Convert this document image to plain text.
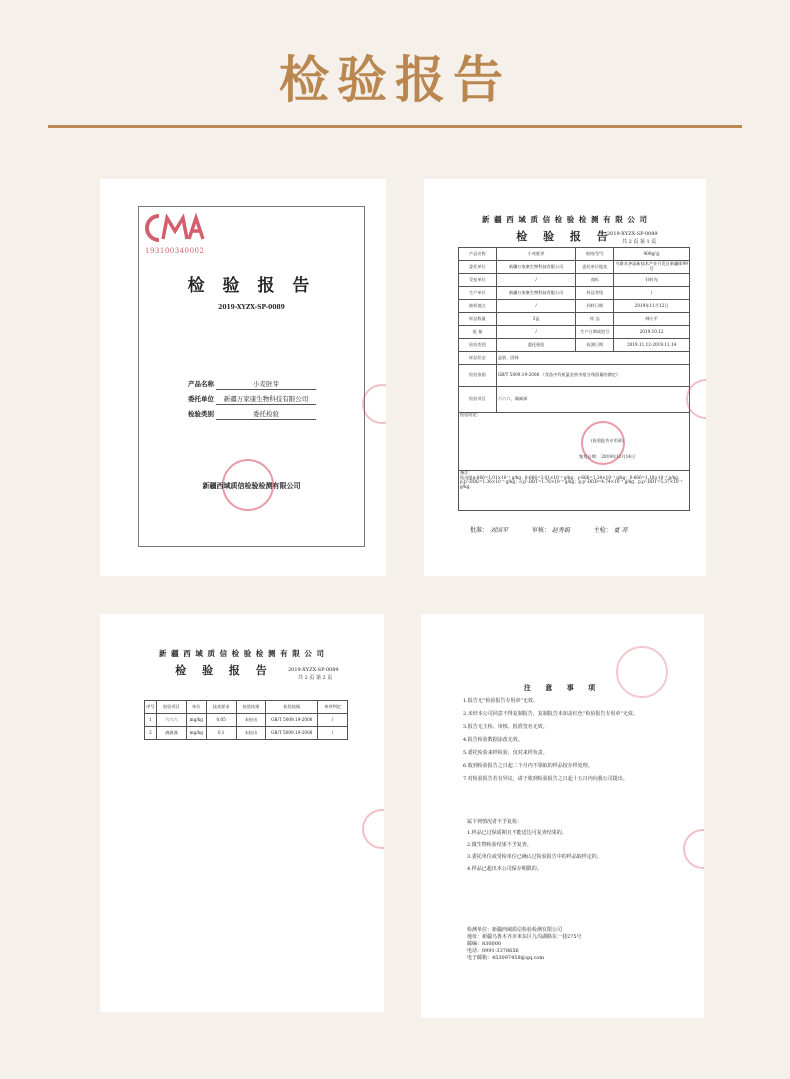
检验报告
193100340002
检 验 报 告
2019-XYZX-SP-0089
产品名称	小麦胚芽
委托单位	新疆万家康生物科技有限公司
检验类别	委托检验
新疆西域质信检验检测有限公司
新 疆 西 域 质 信 检 验 检 测 有 限 公 司
检 验 报 告
2019-XYZX-SP-0089
共 2 页 第 1 页
产品名称	小麦胚芽	规格/型号	400g/盒
委托单位	新疆万家康生物科技有限公司	委托单位地址	乌鲁木齐高新技术产业开发区新疆街99号
受检单位	/	商标	好时光
生产单位	新疆万家康生物科技有限公司	样品等级	/
抽样地点	/	到样日期	2019年11月12日
样品数量	3盒	样 品	韩小平
批 量	/	生产日期或批号	2019.10.12
检验类别	委托检验	检测日期	2019.11.12-2019.11.14
样品状态	盒装、固体		
检验依据	GB/T 5009.19-2008 《食品中有机氯农药多组分残留量的测定》		
检验项目	六六六、滴滴涕		
检验结论：
(检验报告专用章)
签发日期： 2019年11月14日			

备注：
检出限α-666=1.01×10⁻³ g/kg；β-666=3.01×10⁻³ g/kg；γ-666=1.38×10⁻³ g/kg；δ-666=1.18×10⁻³ g/kg；p,p'-DDE=1.36×10⁻³ g/kg；o,p'-DDT=1.76×10⁻³ g/kg；p,p'-DDD=4.74×10⁻³ g/kg；p,p'-DDT=5.37×10⁻³ g/kg。			
批准： 刘国平	审核： 赵秀娟	主检： 夏 亮
新 疆 西 域 质 信 检 验 检 测 有 限 公 司
检 验 报 告	2019-XYZX-SP-0089
共 2 页 第 2 页
序号	检验项目	单位	技术要求	检验结果	检验依据	单项判定
1	六六六	mg/kg	0.05	未检出	GB/T 5009.19-2008	/
2	滴滴涕	mg/kg	0.1	未检出	GB/T 5009.19-2008	/
注 意 事 项
1.报告无“检验报告专用章”无效。
2.未经本公司同意不得复制报告，复制报告未加盖红色“检验报告专用章”无效。
3.报告无主检、审核、批准签名无效。
4.报告检验数据涂改无效。
5.委托检验来样检验，仅对来样负责。
6.收到检验报告之日起二个月内不领取的样品按存样处理。
7.对检验报告若有异议，请于收到检验报告之日起十五日内向我公司提出。
属下列情况者不予复检：
1.样品已过保质期且不能送达可复查结果的。
2.微生物检验结果不予复查。
3.委托单位或受检单位已确认过检验报告中的样品取样定的。
4.样品已超出本公司保存期限的。
检测单位：新疆西域质信检验检测有限公司
地址：新疆乌鲁木齐市米东区九沟湖路东一巷275号
邮编：830000
电话：0991-3378656
电子邮箱：453097458@qq.com
